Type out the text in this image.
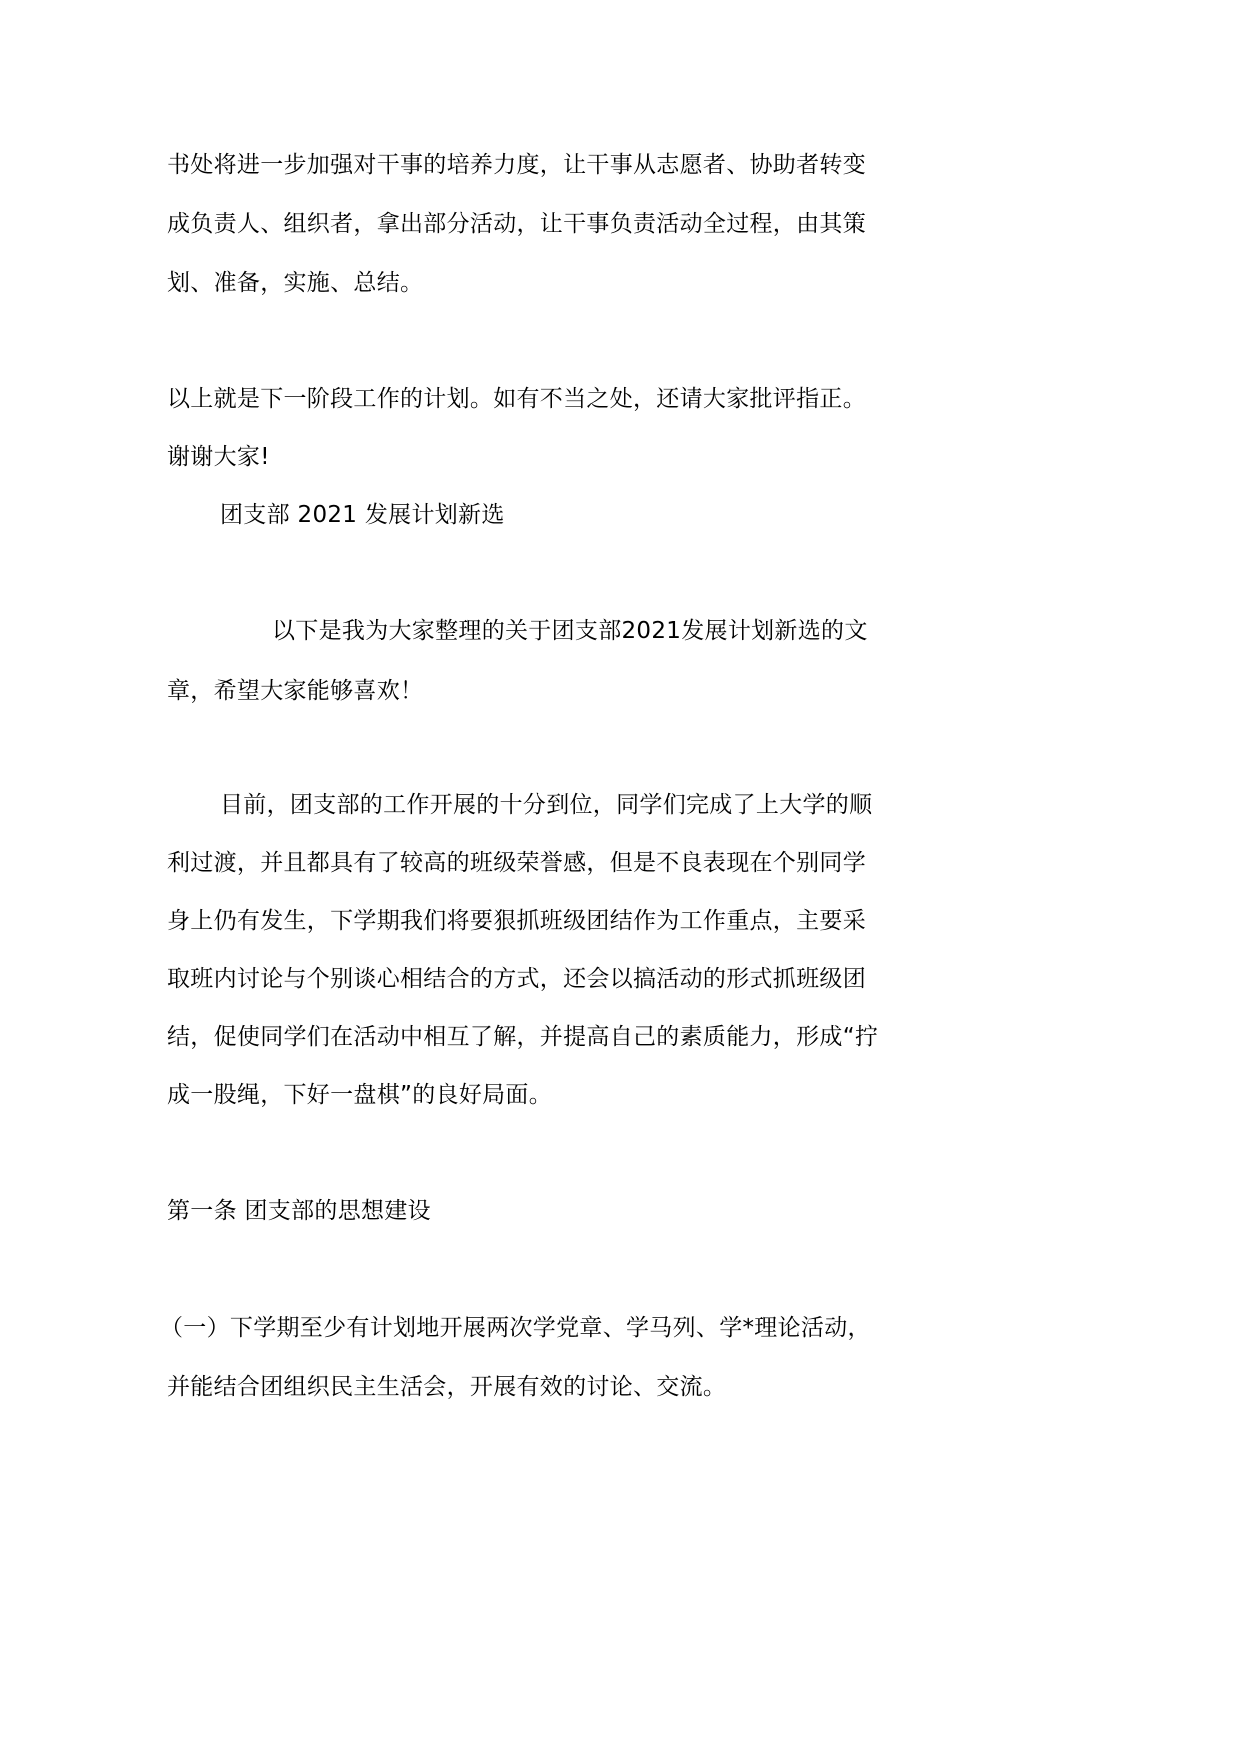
书处将进一步加强对干事的培养力度，让干事从志愿者、协助者转变
成负责人、组织者，拿出部分活动，让干事负责活动全过程，由其策
划、准备，实施、总结。
以上就是下一阶段工作的计划。如有不当之处，还请大家批评指正。
谢谢大家!
团支部 2021 发展计划新选
以下是我为大家整理的关于团支部2021发展计划新选的文
章，希望大家能够喜欢！
目前，团支部的工作开展的十分到位，同学们完成了上大学的顺
利过渡，并且都具有了较高的班级荣誉感，但是不良表现在个别同学
身上仍有发生，下学期我们将要狠抓班级团结作为工作重点，主要采
取班内讨论与个别谈心相结合的方式，还会以搞活动的形式抓班级团
结，促使同学们在活动中相互了解，并提高自己的素质能力，形成“拧
成一股绳，下好一盘棋”的良好局面。
第一条 团支部的思想建设
（一）下学期至少有计划地开展两次学党章、学马列、学*理论活动，
并能结合团组织民主生活会，开展有效的讨论、交流。
